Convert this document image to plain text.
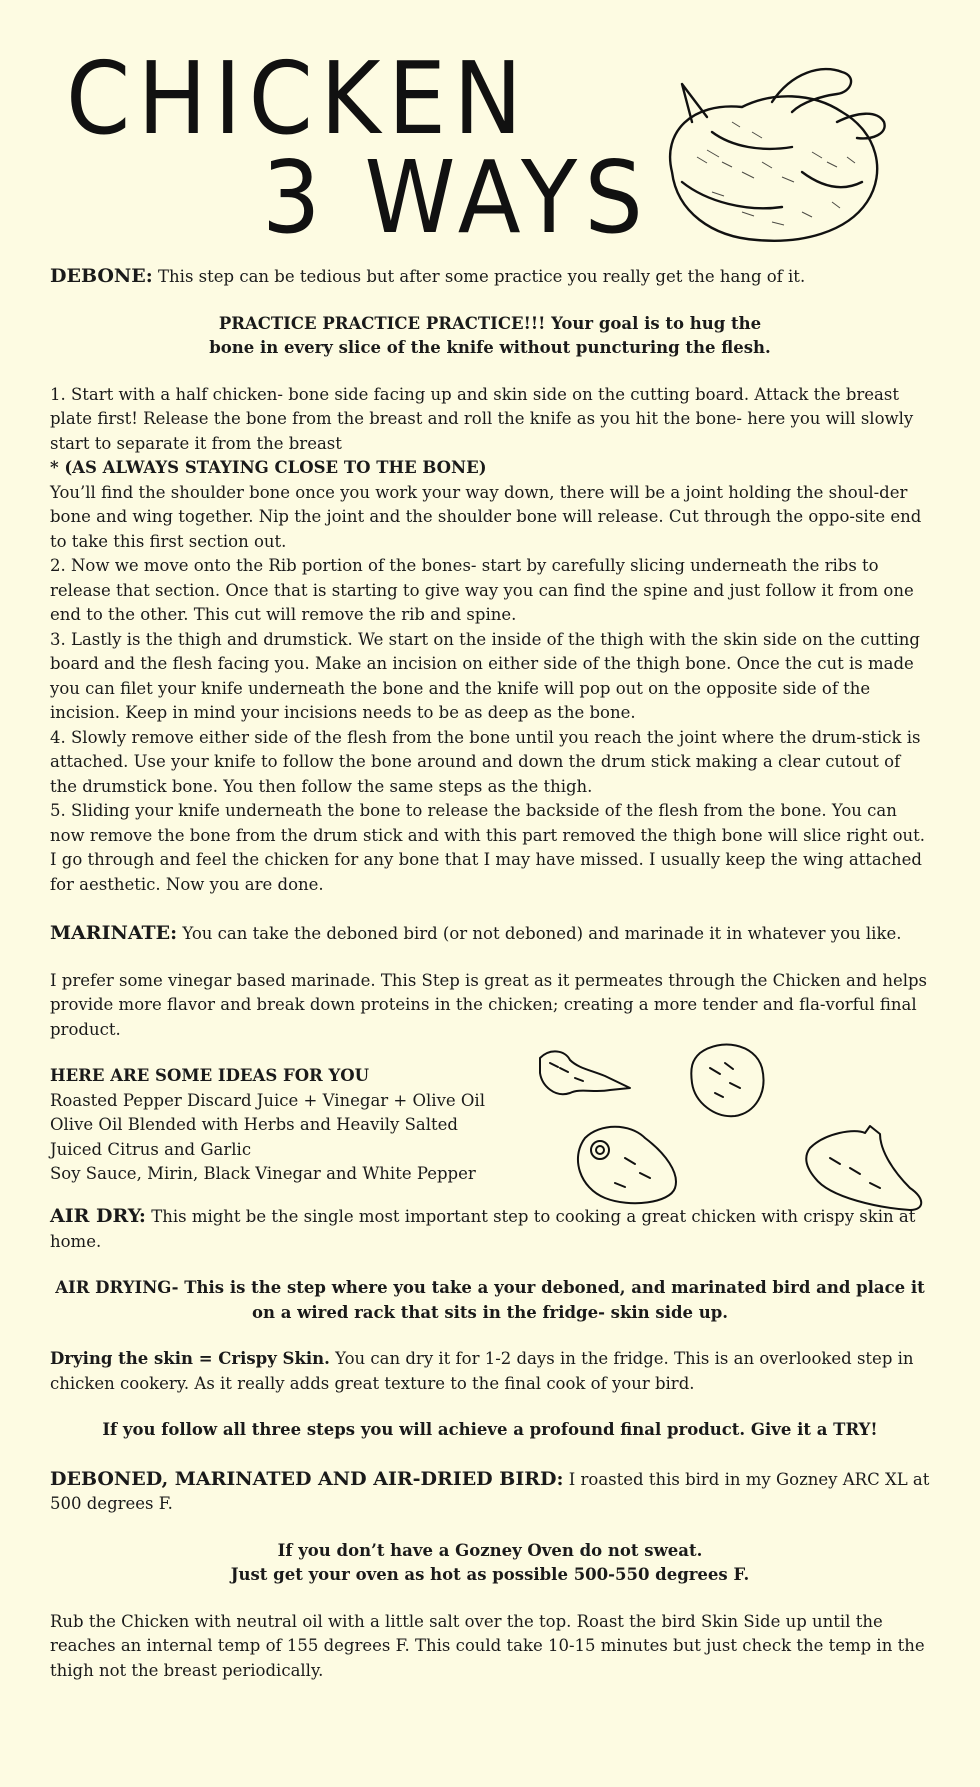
CHICKEN
3 WAYS

DEBONE: This step can be tedious but after some practice you really get the hang of it.

PRACTICE PRACTICE PRACTICE!!! Your goal is to hug the

bone in every slice of the knife without puncturing the flesh.

1. Start with a half chicken- bone side facing up and skin side on the cutting board. Attack the breast plate first! Release the bone from the breast and roll the knife as you hit the bone- here you will slowly start to separate it from the breast

* (AS ALWAYS STAYING CLOSE TO THE BONE)

You’ll find the shoulder bone once you work your way down, there will be a joint holding the shoul-der bone and wing together. Nip the joint and the shoulder bone will release. Cut through the oppo-site end to take this first section out.

2. Now we move onto the Rib portion of the bones- start by carefully slicing underneath the ribs to release that section. Once that is starting to give way you can find the spine and just follow it from one end to the other. This cut will remove the rib and spine.

3. Lastly is the thigh and drumstick. We start on the inside of the thigh with the skin side on the cutting board and the flesh facing you. Make an incision on either side of the thigh bone. Once the cut is made you can filet your knife underneath the bone and the knife will pop out on the opposite side of the incision. Keep in mind your incisions needs to be as deep as the bone.

4. Slowly remove either side of the flesh from the bone until you reach the joint where the drum-stick is attached. Use your knife to follow the bone around and down the drum stick making a clear cutout of the drumstick bone. You then follow the same steps as the thigh.

5. Sliding your knife underneath the bone to release the backside of the flesh from the bone. You can now remove the bone from the drum stick and with this part removed the thigh bone will slice right out. I go through and feel the chicken for any bone that I may have missed. I usually keep the wing attached for aesthetic. Now you are done.

MARINATE: You can take the deboned bird (or not deboned) and marinade it in whatever you like.

I prefer some vinegar based marinade. This Step is great as it permeates through the Chicken and helps provide more flavor and break down proteins in the chicken; creating a more tender and fla-vorful final product.

HERE ARE SOME IDEAS FOR YOU

Roasted Pepper Discard Juice + Vinegar + Olive Oil

Olive Oil Blended with Herbs and Heavily Salted

Juiced Citrus and Garlic

Soy Sauce, Mirin, Black Vinegar and White Pepper

AIR DRY: This might be the single most important step to cooking a great chicken with crispy skin at home.

AIR DRYING- This is the step where you take a your deboned, and marinated bird and place it

on a wired rack that sits in the fridge- skin side up.

Drying the skin = Crispy Skin. You can dry it for 1-2 days in the fridge. This is an overlooked step in chicken cookery. As it really adds great texture to the final cook of your bird.

If you follow all three steps you will achieve a profound final product. Give it a TRY!

DEBONED, MARINATED AND AIR-DRIED BIRD: I roasted this bird in my Gozney ARC XL at 500 degrees F.

If you don’t have a Gozney Oven do not sweat.

Just get your oven as hot as possible 500-550 degrees F.

Rub the Chicken with neutral oil with a little salt over the top. Roast the bird Skin Side up until the reaches an internal temp of 155 degrees F. This could take 10-15 minutes but just check the temp in the thigh not the breast periodically.
